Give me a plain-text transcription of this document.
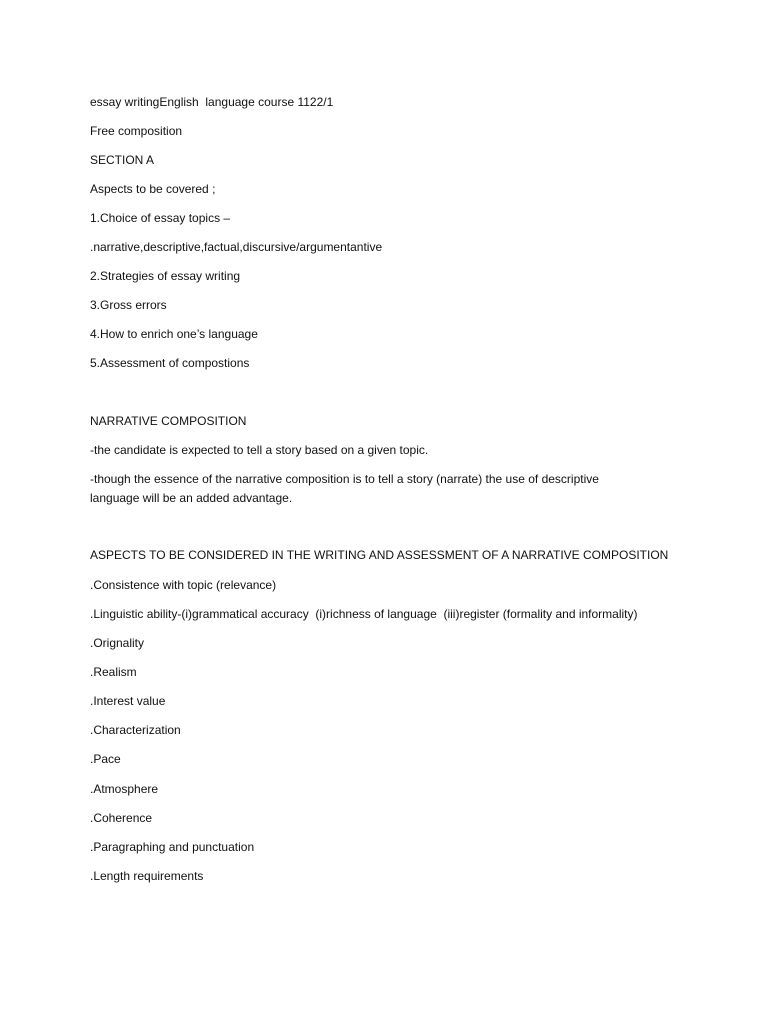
essay writingEnglish  language course 1122/1
Free composition
SECTION A
Aspects to be covered ;
1.Choice of essay topics –
.narrative,descriptive,factual,discursive/argumentantive
2.Strategies of essay writing
3.Gross errors
4.How to enrich one’s language
5.Assessment of compostions
NARRATIVE COMPOSITION
-the candidate is expected to tell a story based on a given topic.
-though the essence of the narrative composition is to tell a story (narrate) the use of descriptive
language will be an added advantage.
ASPECTS TO BE CONSIDERED IN THE WRITING AND ASSESSMENT OF A NARRATIVE COMPOSITION
.Consistence with topic (relevance)
.Linguistic ability-(i)grammatical accuracy  (i)richness of language  (iii)register (formality and informality)
.Orignality
.Realism
.Interest value
.Characterization
.Pace
.Atmosphere
.Coherence
.Paragraphing and punctuation
.Length requirements
